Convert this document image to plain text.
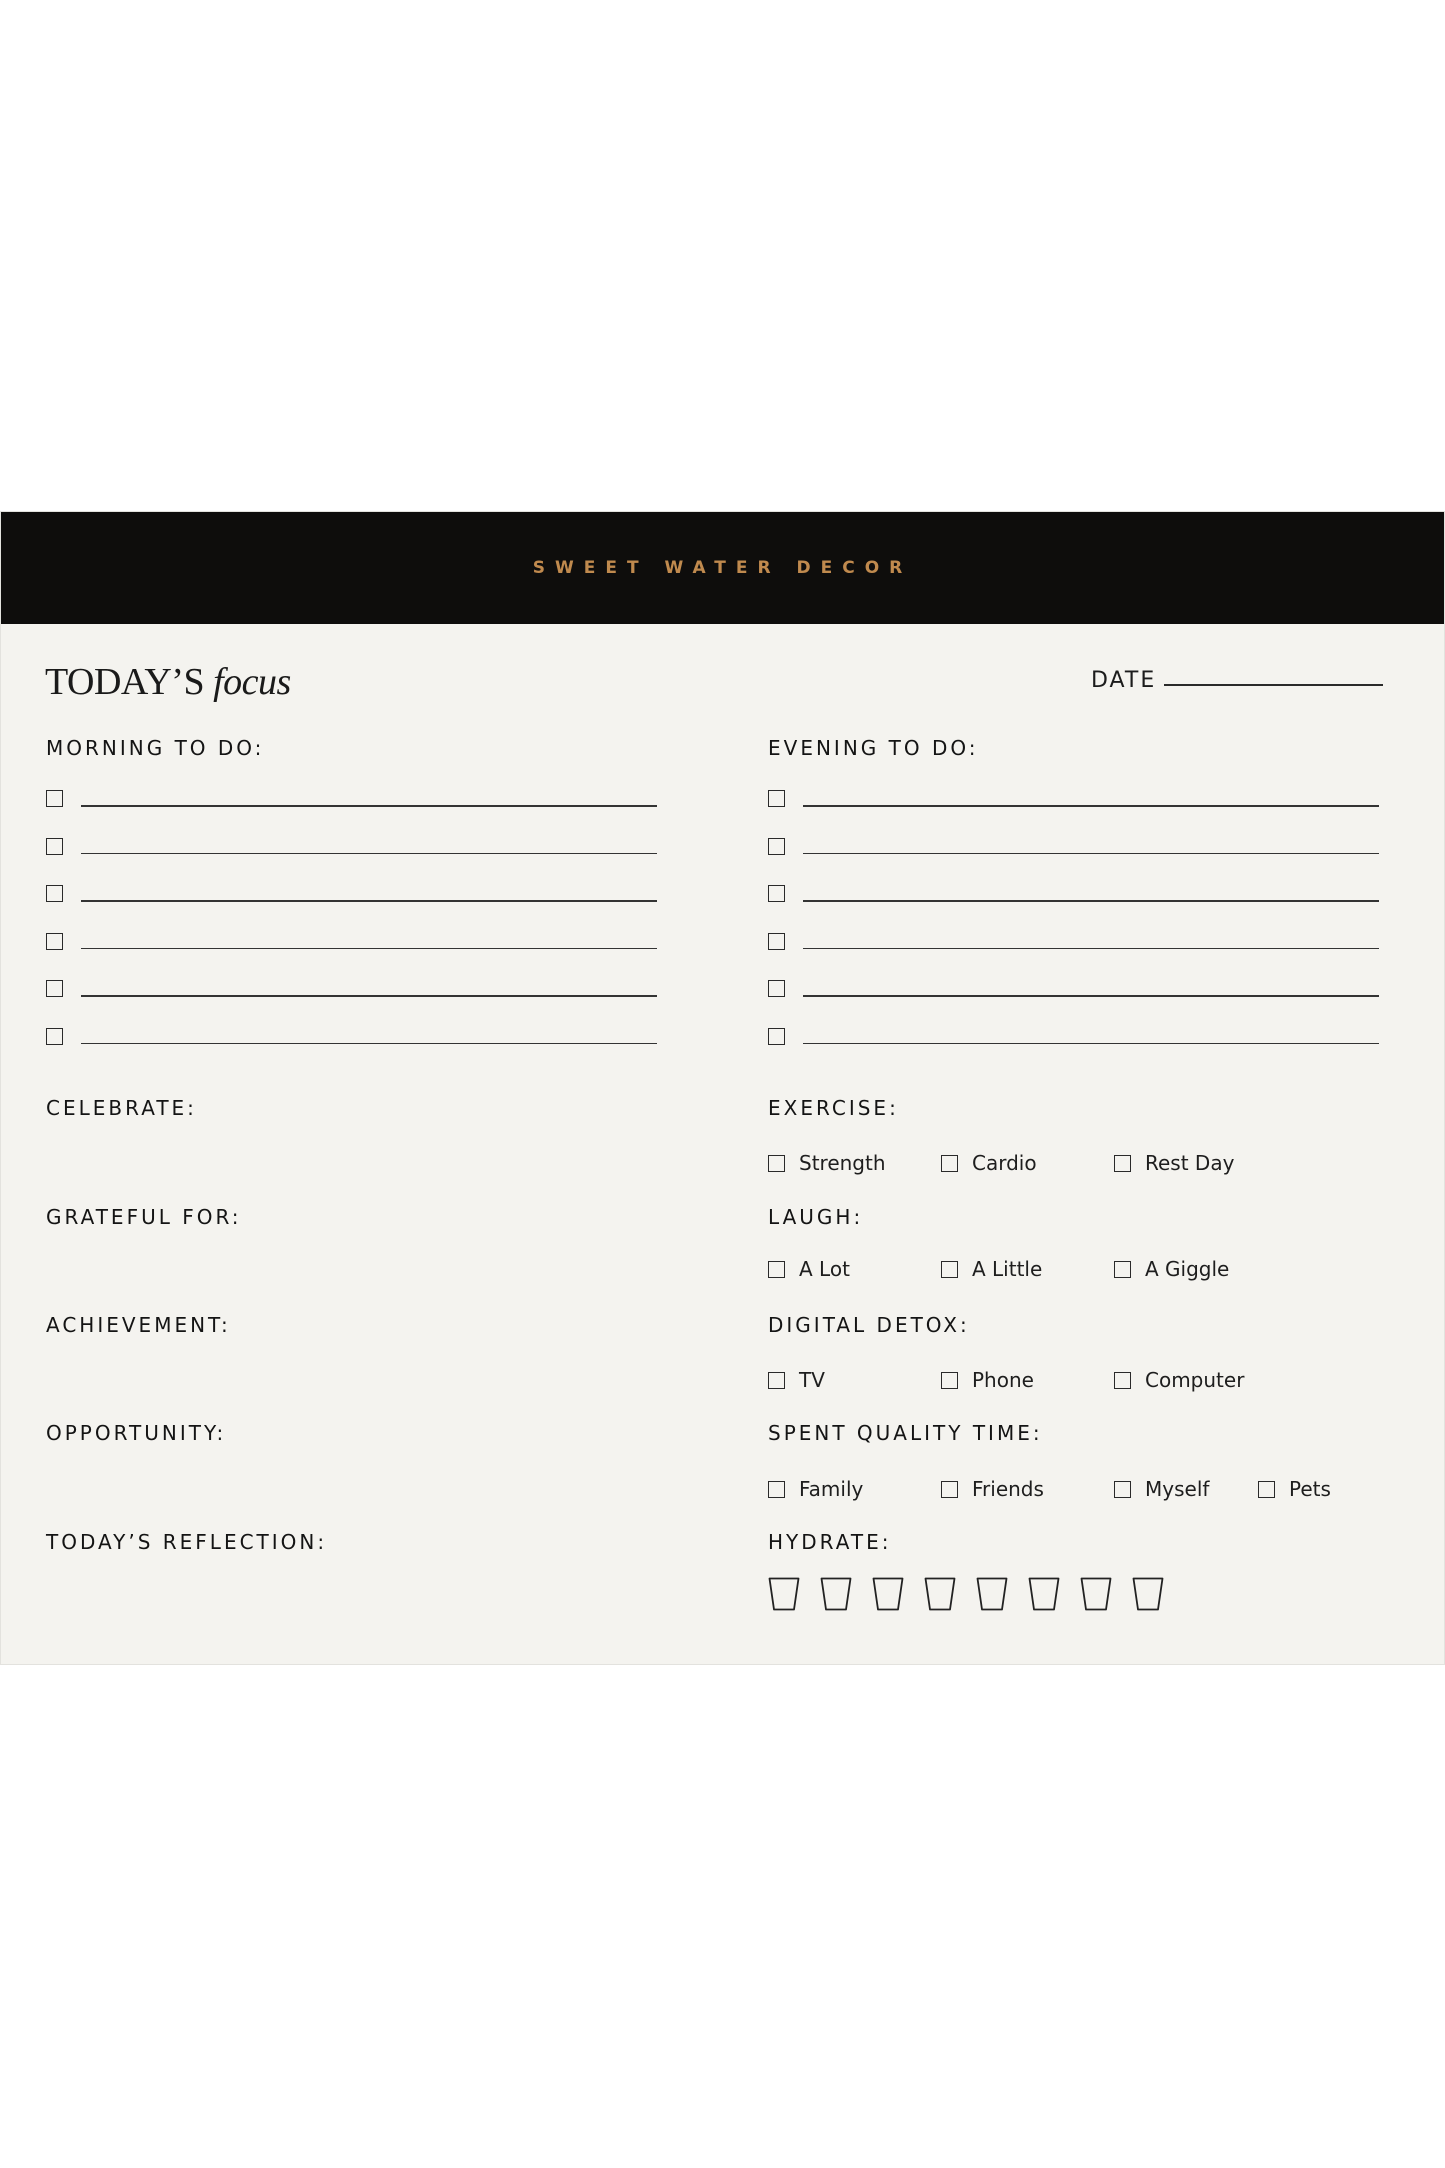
SWEET WATER DECOR
TODAY’S focus	DATE
MORNING TO DO:	EVENING TO DO:
CELEBRATE:
GRATEFUL FOR:
ACHIEVEMENT:
OPPORTUNITY:
TODAY’S REFLECTION:
EXERCISE:
Strength	Cardio	Rest Day
LAUGH:
A Lot	A Little	A Giggle
DIGITAL DETOX:
TV	Phone	Computer
SPENT QUALITY TIME:
Family	Friends	Myself	Pets
HYDRATE:
